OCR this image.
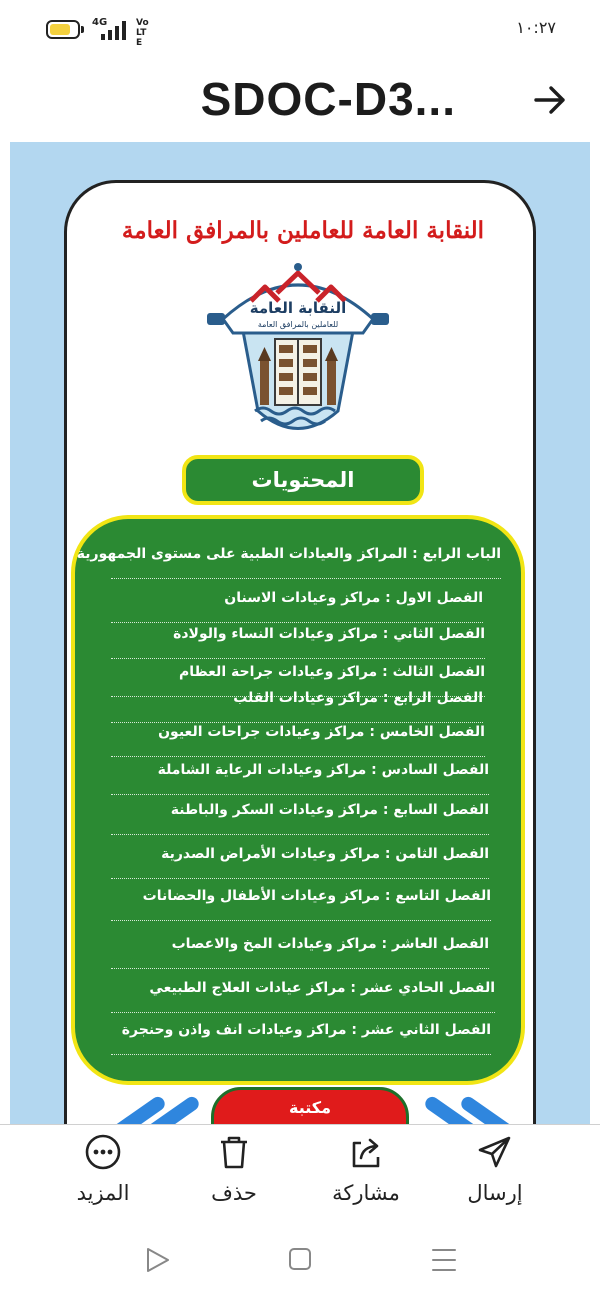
4G	Vo LTE
١٠:٢٧
SDOC-D3...
النقابة العامة للعاملين بالمرافق العامة
النقابة العامة
للعاملين بالمرافق العامة
المحتويات
الباب الرابع : المراكز والعيادات الطبية على مستوى الجمهورية
الفصل الاول : مراكز وعيادات الاسنان
الفصل الثاني : مراكز وعيادات النساء والولادة
الفصل الثالث : مراكز وعيادات جراحة العظام
الفصل الرابع : مراكز وعيادات القلب
الفصل الخامس : مراكز وعيادات جراحات العيون
الفصل السادس : مراكز وعيادات الرعاية الشاملة
الفصل السابع : مراكز وعيادات السكر والباطنة
الفصل الثامن : مراكز وعيادات الأمراض الصدرية
الفصل التاسع : مراكز وعيادات الأطفال والحضانات
الفصل العاشر : مراكز وعيادات المخ والاعصاب
الفصل الحادي عشر : مراكز عيادات العلاج الطبيعي
الفصل الثاني عشر : مراكز وعيادات انف واذن وحنجرة
مكتبة
إرسال
مشاركة
حذف
المزيد
